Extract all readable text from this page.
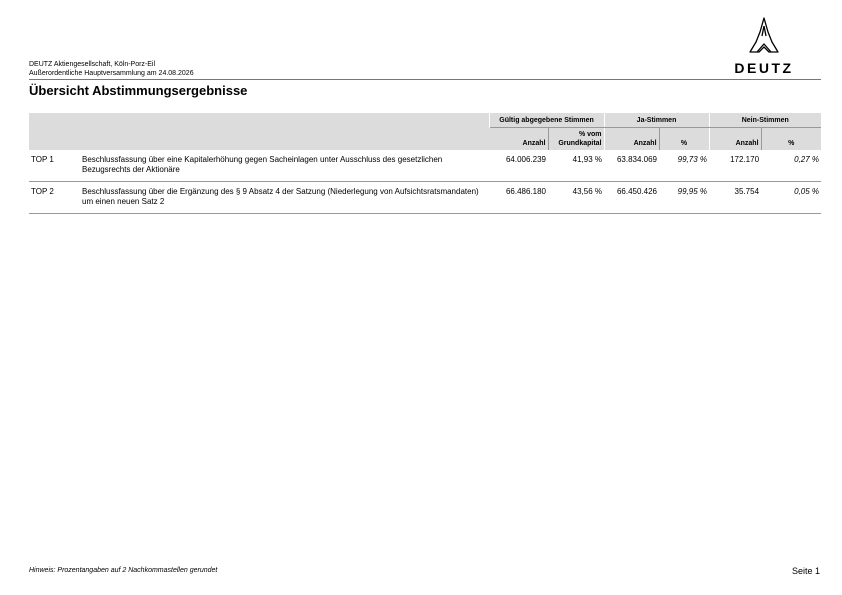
DEUTZ Aktiengesellschaft, Köln-Porz-Eil
Außerordentliche Hauptversammlung am 24.08.2026	DEUTZ
Übersicht Abstimmungsergebnisse
		Gültig abgegebene Stimmen		Ja-Stimmen		Nein-Stimmen	
		Anzahl	% vom Grundkapital	Anzahl	%	Anzahl	%
TOP 1	Beschlussfassung über eine Kapitalerhöhung gegen Sacheinlagen unter Ausschluss des gesetzlichen Bezugsrechts der Aktionäre	64.006.239	41,93 %	63.834.069	99,73 %	172.170	0,27 %
TOP 2	Beschlussfassung über die Ergänzung des § 9 Absatz 4 der Satzung (Niederlegung von Aufsichtsratsmandaten) um einen neuen Satz 2	66.486.180	43,56 %	66.450.426	99,95 %	35.754	0,05 %
Hinweis: Prozentangaben auf 2 Nachkommastellen gerundet	Seite 1
